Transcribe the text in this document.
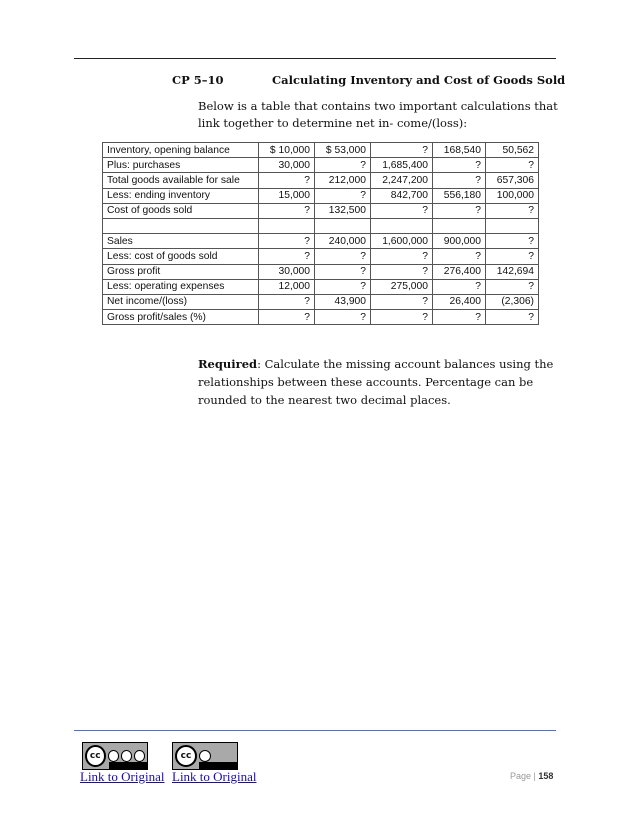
CP 5–10	Calculating Inventory and Cost of Goods Sold

Below is a table that contains two important calculations that link together to determine net in- come/(loss):

Inventory, opening balance	$ 10,000	$ 53,000	?	168,540	50,562
Plus: purchases	30,000	?	1,685,400	?	?
Total goods available for sale	?	212,000	2,247,200	?	657,306
Less: ending inventory	15,000	?	842,700	556,180	100,000
Cost of goods sold	?	132,500	?	?	?

Sales	?	240,000	1,600,000	900,000	?
Less: cost of goods sold	?	?	?	?	?
Gross profit	30,000	?	?	276,400	142,694
Less: operating expenses	12,000	?	275,000	?	?
Net income/(loss)	?	43,900	?	26,400	(2,306)
Gross profit/sales (%)	?	?	?	?	?

Required: Calculate the missing account balances using the relationships between these accounts. Percentage can be rounded to the nearest two decimal places.

cc	cc
Link to Original Link to Original	Page | 158
